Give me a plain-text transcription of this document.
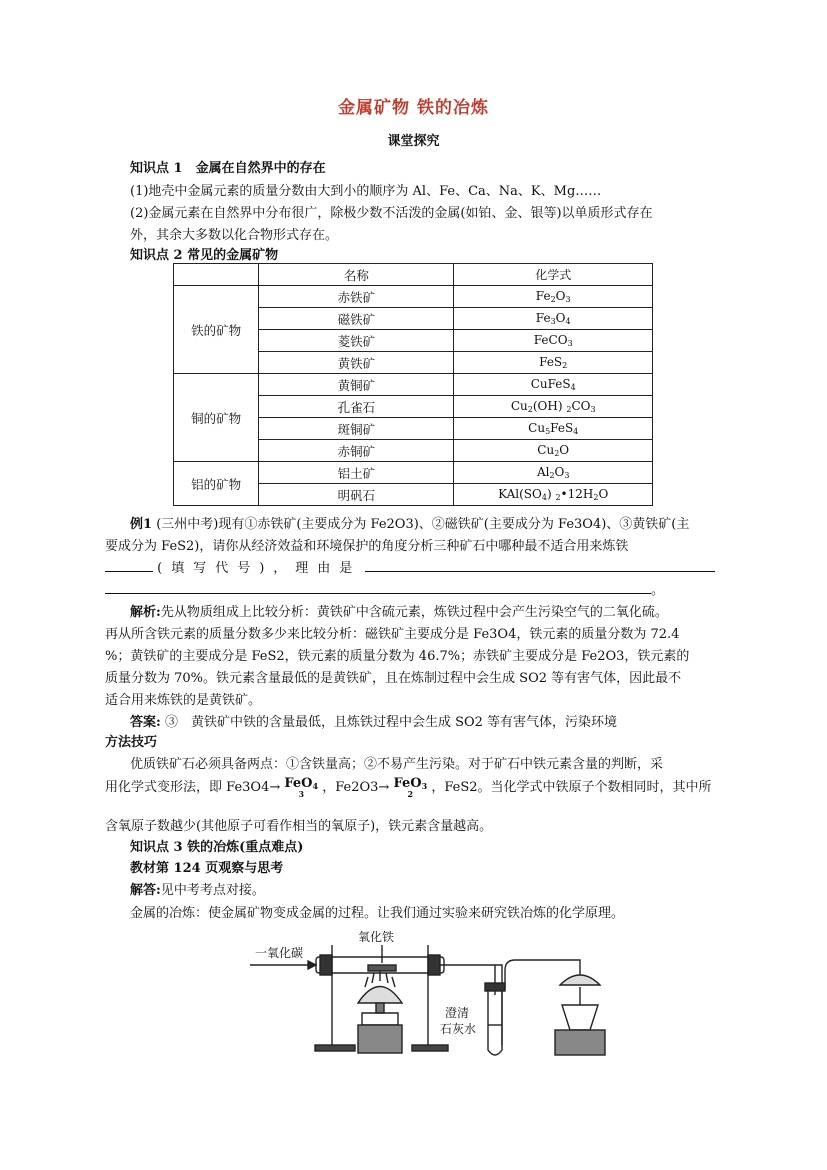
金属矿物 铁的冶炼
课堂探究
知识点 1　金属在自然界中的存在
(1)地壳中金属元素的质量分数由大到小的顺序为 Al、Fe、Ca、Na、K、Mg……
(2)金属元素在自然界中分布很广，除极少数不活泼的金属(如铂、金、银等)以单质形式存在
外，其余大多数以化合物形式存在。
知识点 2 常见的金属矿物
	名称	化学式
铁的矿物	赤铁矿	$Fe_2O_3$
	磁铁矿	$Fe_3O_4$
	菱铁矿	FeCO$_3$
	黄铁矿	FeS$_2$
铜的矿物	黄铜矿	CuFeS$_4$
	孔雀石	$Cu_2(OH)$ $_2CO_3$
	斑铜矿	$Cu_5FeS_4$
	赤铜矿	$Cu_2O$
铝的矿物	铝土矿	$Al_2O_3$
	明矾石	$KAl(SO_4)$ $_2•12H_2O$
例1 (三州中考)现有①赤铁矿(主要成分为 Fe2O3)、②磁铁矿(主要成分为 Fe3O4)、③黄铁矿(主
要成分为 FeS2)，请你从经济效益和环境保护的角度分析三种矿石中哪种最不适合用来炼铁
(填写代号)，理由是
。
解析:先从物质组成上比较分析：黄铁矿中含硫元素，炼铁过程中会产生污染空气的二氧化硫。
再从所含铁元素的质量分数多少来比较分析：磁铁矿主要成分是 Fe3O4，铁元素的质量分数为 72.4
%；黄铁矿的主要成分是 FeS2，铁元素的质量分数为 46.7%；赤铁矿主要成分是 Fe2O3，铁元素的
质量分数为 70%。铁元素含量最低的是黄铁矿，且在炼制过程中会生成 SO2 等有害气体，因此最不
适合用来炼铁的是黄铁矿。
答案: ③　黄铁矿中铁的含量最低，且炼铁过程中会生成 SO2 等有害气体，污染环境
方法技巧
优质铁矿石必须具备两点：①含铁量高；②不易产生污染。对于矿石中铁元素含量的判断，采
用化学式变形法，即 Fe3O4→ FeO$_4$
3	，Fe2O3→ FeO$_3$
2	，FeS2。当化学式中铁原子个数相同时，其中所
含氧原子数越少(其他原子可看作相当的氧原子)，铁元素含量越高。
知识点 3 铁的冶炼(重点难点)
教材第 124 页观察与思考
解答:见中考考点对接。
金属的冶炼：使金属矿物变成金属的过程。让我们通过实验来研究铁冶炼的化学原理。
一氧化碳
氧化铁
澄清
石灰水
